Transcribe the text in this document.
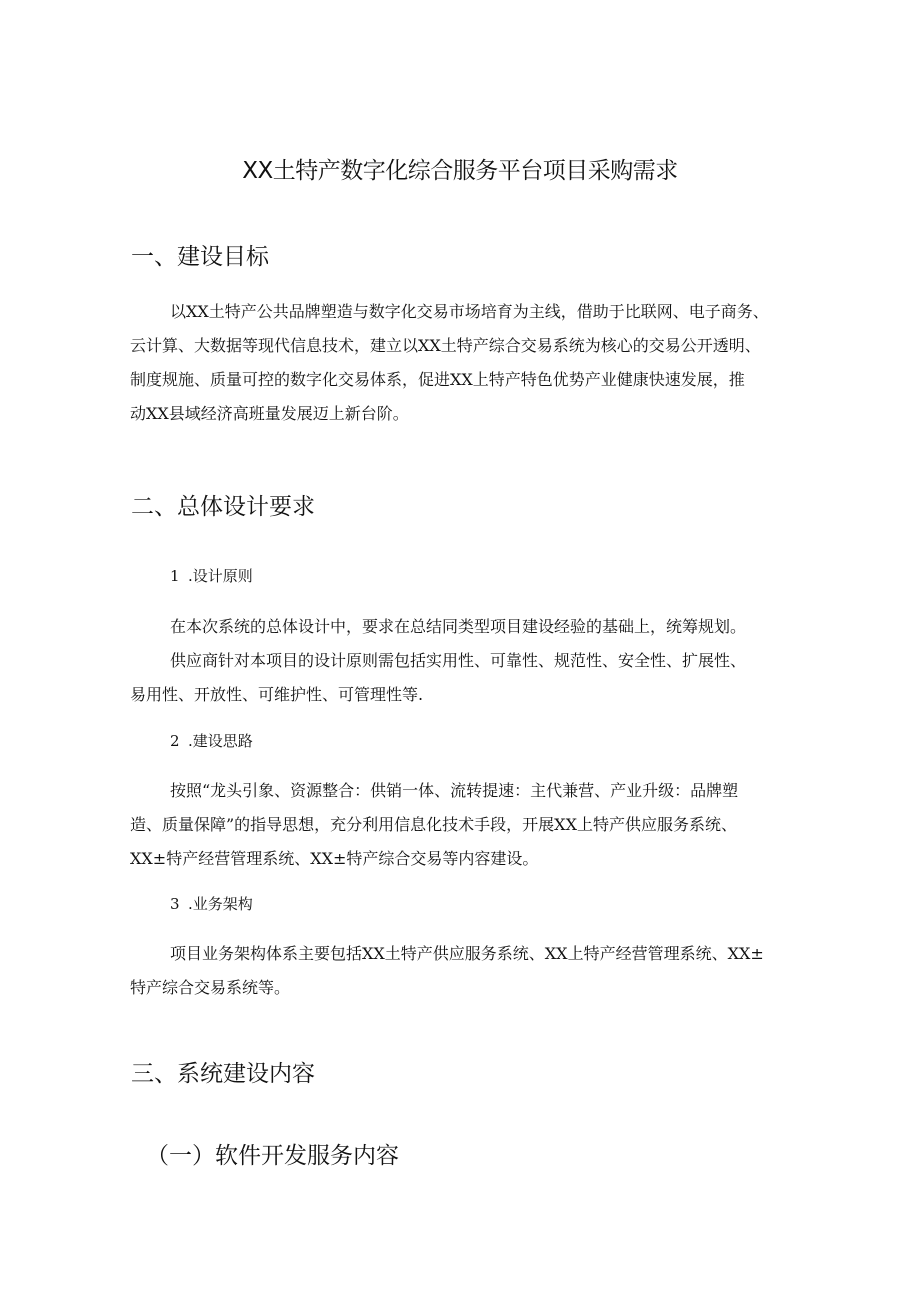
XX土特产数字化综合服务平台项目采购需求
一、建设目标
以XX土特产公共品牌塑造与数字化交易市场培育为主线，借助于比联网、电子商务、
云计算、大数据等现代信息技术，建立以XX土特产综合交易系统为核心的交易公开透明、
制度规施、质量可控的数字化交易体系，促进XX上特产特色优势产业健康快速发展，推
动XX县域经济高班量发展迈上新台阶。
二、总体设计要求
1 .设计原则
在本次系统的总体设计中，要求在总结同类型项目建设经验的基础上，统筹规划。
供应商针对本项目的设计原则需包括实用性、可靠性、规范性、安全性、扩展性、
易用性、开放性、可维护性、可管理性等.
2 .建设思路
按照“龙头引象、资源整合：供销一体、流转提速：主代兼营、产业升级：品牌塑
造、质量保障”的指导思想，充分利用信息化技术手段，开展XX上特产供应服务系统、
XX±特产经营管理系统、XX±特产综合交易等内容建设。
3 .业务架构
项目业务架构体系主要包括XX土特产供应服务系统、XX上特产经营管理系统、XX±
特产综合交易系统等。
三、系统建设内容
（一）软件开发服务内容
